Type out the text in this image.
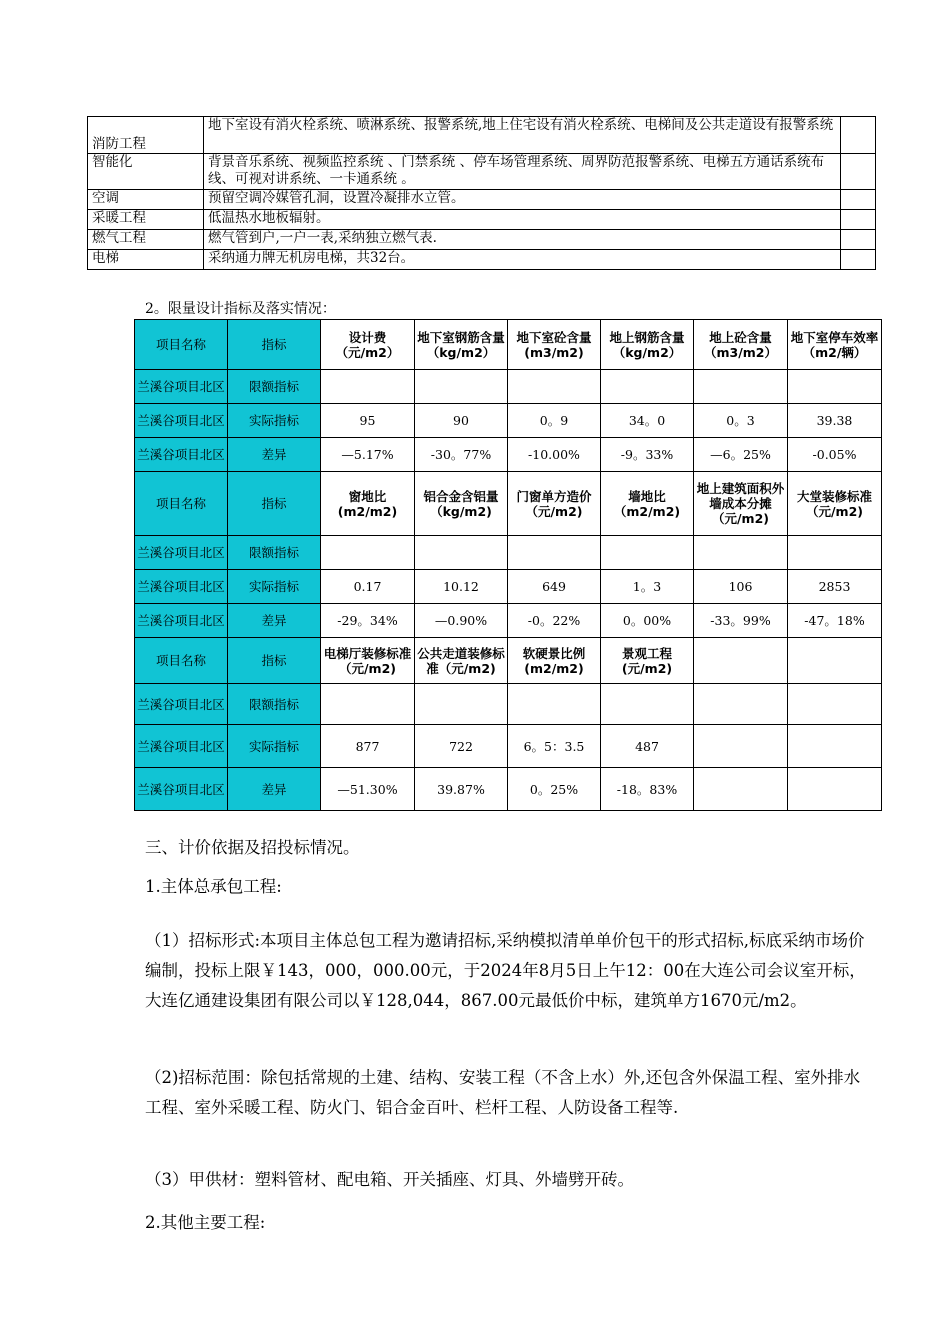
消防工程	地下室设有消火栓系统、喷淋系统、报警系统,地上住宅设有消火栓系统、电梯间及公共走道设有报警系统	
智能化	背景音乐系统、视频监控系统 、门禁系统 、停车场管理系统、周界防范报警系统、电梯五方通话系统布线、可视对讲系统、一卡通系统 。	
空调	预留空调冷媒管孔洞，设置冷凝排水立管。	
采暖工程	低温热水地板辐射。	
燃气工程	燃气管到户,一户一表,采纳独立燃气表.	
电梯	采纳通力牌无机房电梯，共32台。	
2。限量设计指标及落实情况：
项目名称	指标	设计费（元/m2）	地下室钢筋含量（kg/m2）	地下室砼含量(m3/m2)	地上钢筋含量（kg/m2）	地上砼含量（m3/m2）	地下室停车效率（m2/辆）
兰溪谷项目北区	限额指标						
兰溪谷项目北区	实际指标	95	90	0。9	34。0	0。3	39.38
兰溪谷项目北区	差异	—5.17%	-30。77%	-10.00%	-9。33%	—6。25%	-0.05%
项目名称	指标	窗地比(m2/m2)	铝合金含铝量（kg/m2)	门窗单方造价（元/m2)	墙地比（m2/m2)	地上建筑面积外墙成本分摊（元/m2)	大堂装修标准（元/m2)
兰溪谷项目北区	限额指标						
兰溪谷项目北区	实际指标	0.17	10.12	649	1。3	106	2853
兰溪谷项目北区	差异	-29。34%	—0.90%	-0。22%	0。00%	-33。99%	-47。18%
项目名称	指标	电梯厅装修标准（元/m2)	公共走道装修标准（元/m2)	软硬景比例(m2/m2)	景观工程(元/m2)		
兰溪谷项目北区	限额指标						
兰溪谷项目北区	实际指标	877	722	6。5：3.5	487		
兰溪谷项目北区	差异	—51.30%	39.87%	0。25%	-18。83%		
三、计价依据及招投标情况。
1.主体总承包工程:
（1）招标形式:本项目主体总包工程为邀请招标,采纳模拟清单单价包干的形式招标,标底采纳市场价编制，投标上限￥143，000，000.00元，于2024年8月5日上午12：00在大连公司会议室开标，大连亿通建设集团有限公司以￥128,044，867.00元最低价中标，建筑单方1670元/m2。
（2)招标范围：除包括常规的土建、结构、安装工程（不含上水）外,还包含外保温工程、室外排水工程、室外采暖工程、防火门、铝合金百叶、栏杆工程、人防设备工程等.
（3）甲供材：塑料管材、配电箱、开关插座、灯具、外墙劈开砖。
2.其他主要工程:
